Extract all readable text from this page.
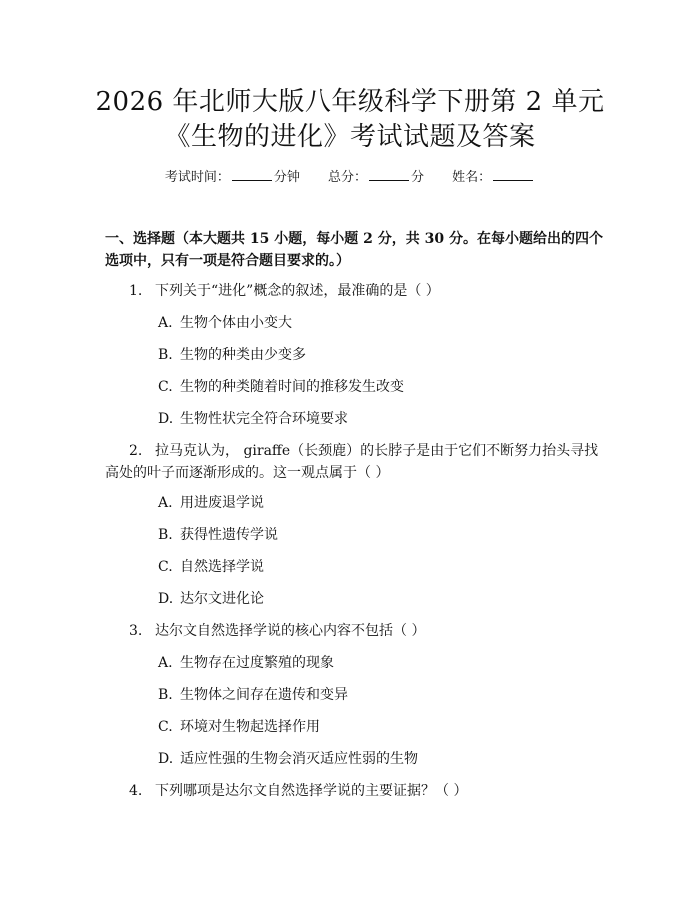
2026 年北师大版八年级科学下册第 2 单元
《生物的进化》考试试题及答案
考试时间：	分钟 总分：	分 姓名：
一、选择题（本大题共 15 小题，每小题 2 分，共 30 分。在每小题给出的四个选项中，只有一项是符合题目要求的。）
1. 下列关于“进化”概念的叙述，最准确的是（ ）
A. 生物个体由小变大
B. 生物的种类由少变多
C. 生物的种类随着时间的推移发生改变
D. 生物性状完全符合环境要求
2. 拉马克认为， giraffe（长颈鹿）的长脖子是由于它们不断努力抬头寻找高处的叶子而逐渐形成的。这一观点属于（ ）
A. 用进废退学说
B. 获得性遗传学说
C. 自然选择学说
D. 达尔文进化论
3. 达尔文自然选择学说的核心内容不包括（ ）
A. 生物存在过度繁殖的现象
B. 生物体之间存在遗传和变异
C. 环境对生物起选择作用
D. 适应性强的生物会消灭适应性弱的生物
4. 下列哪项是达尔文自然选择学说的主要证据？（ ）
